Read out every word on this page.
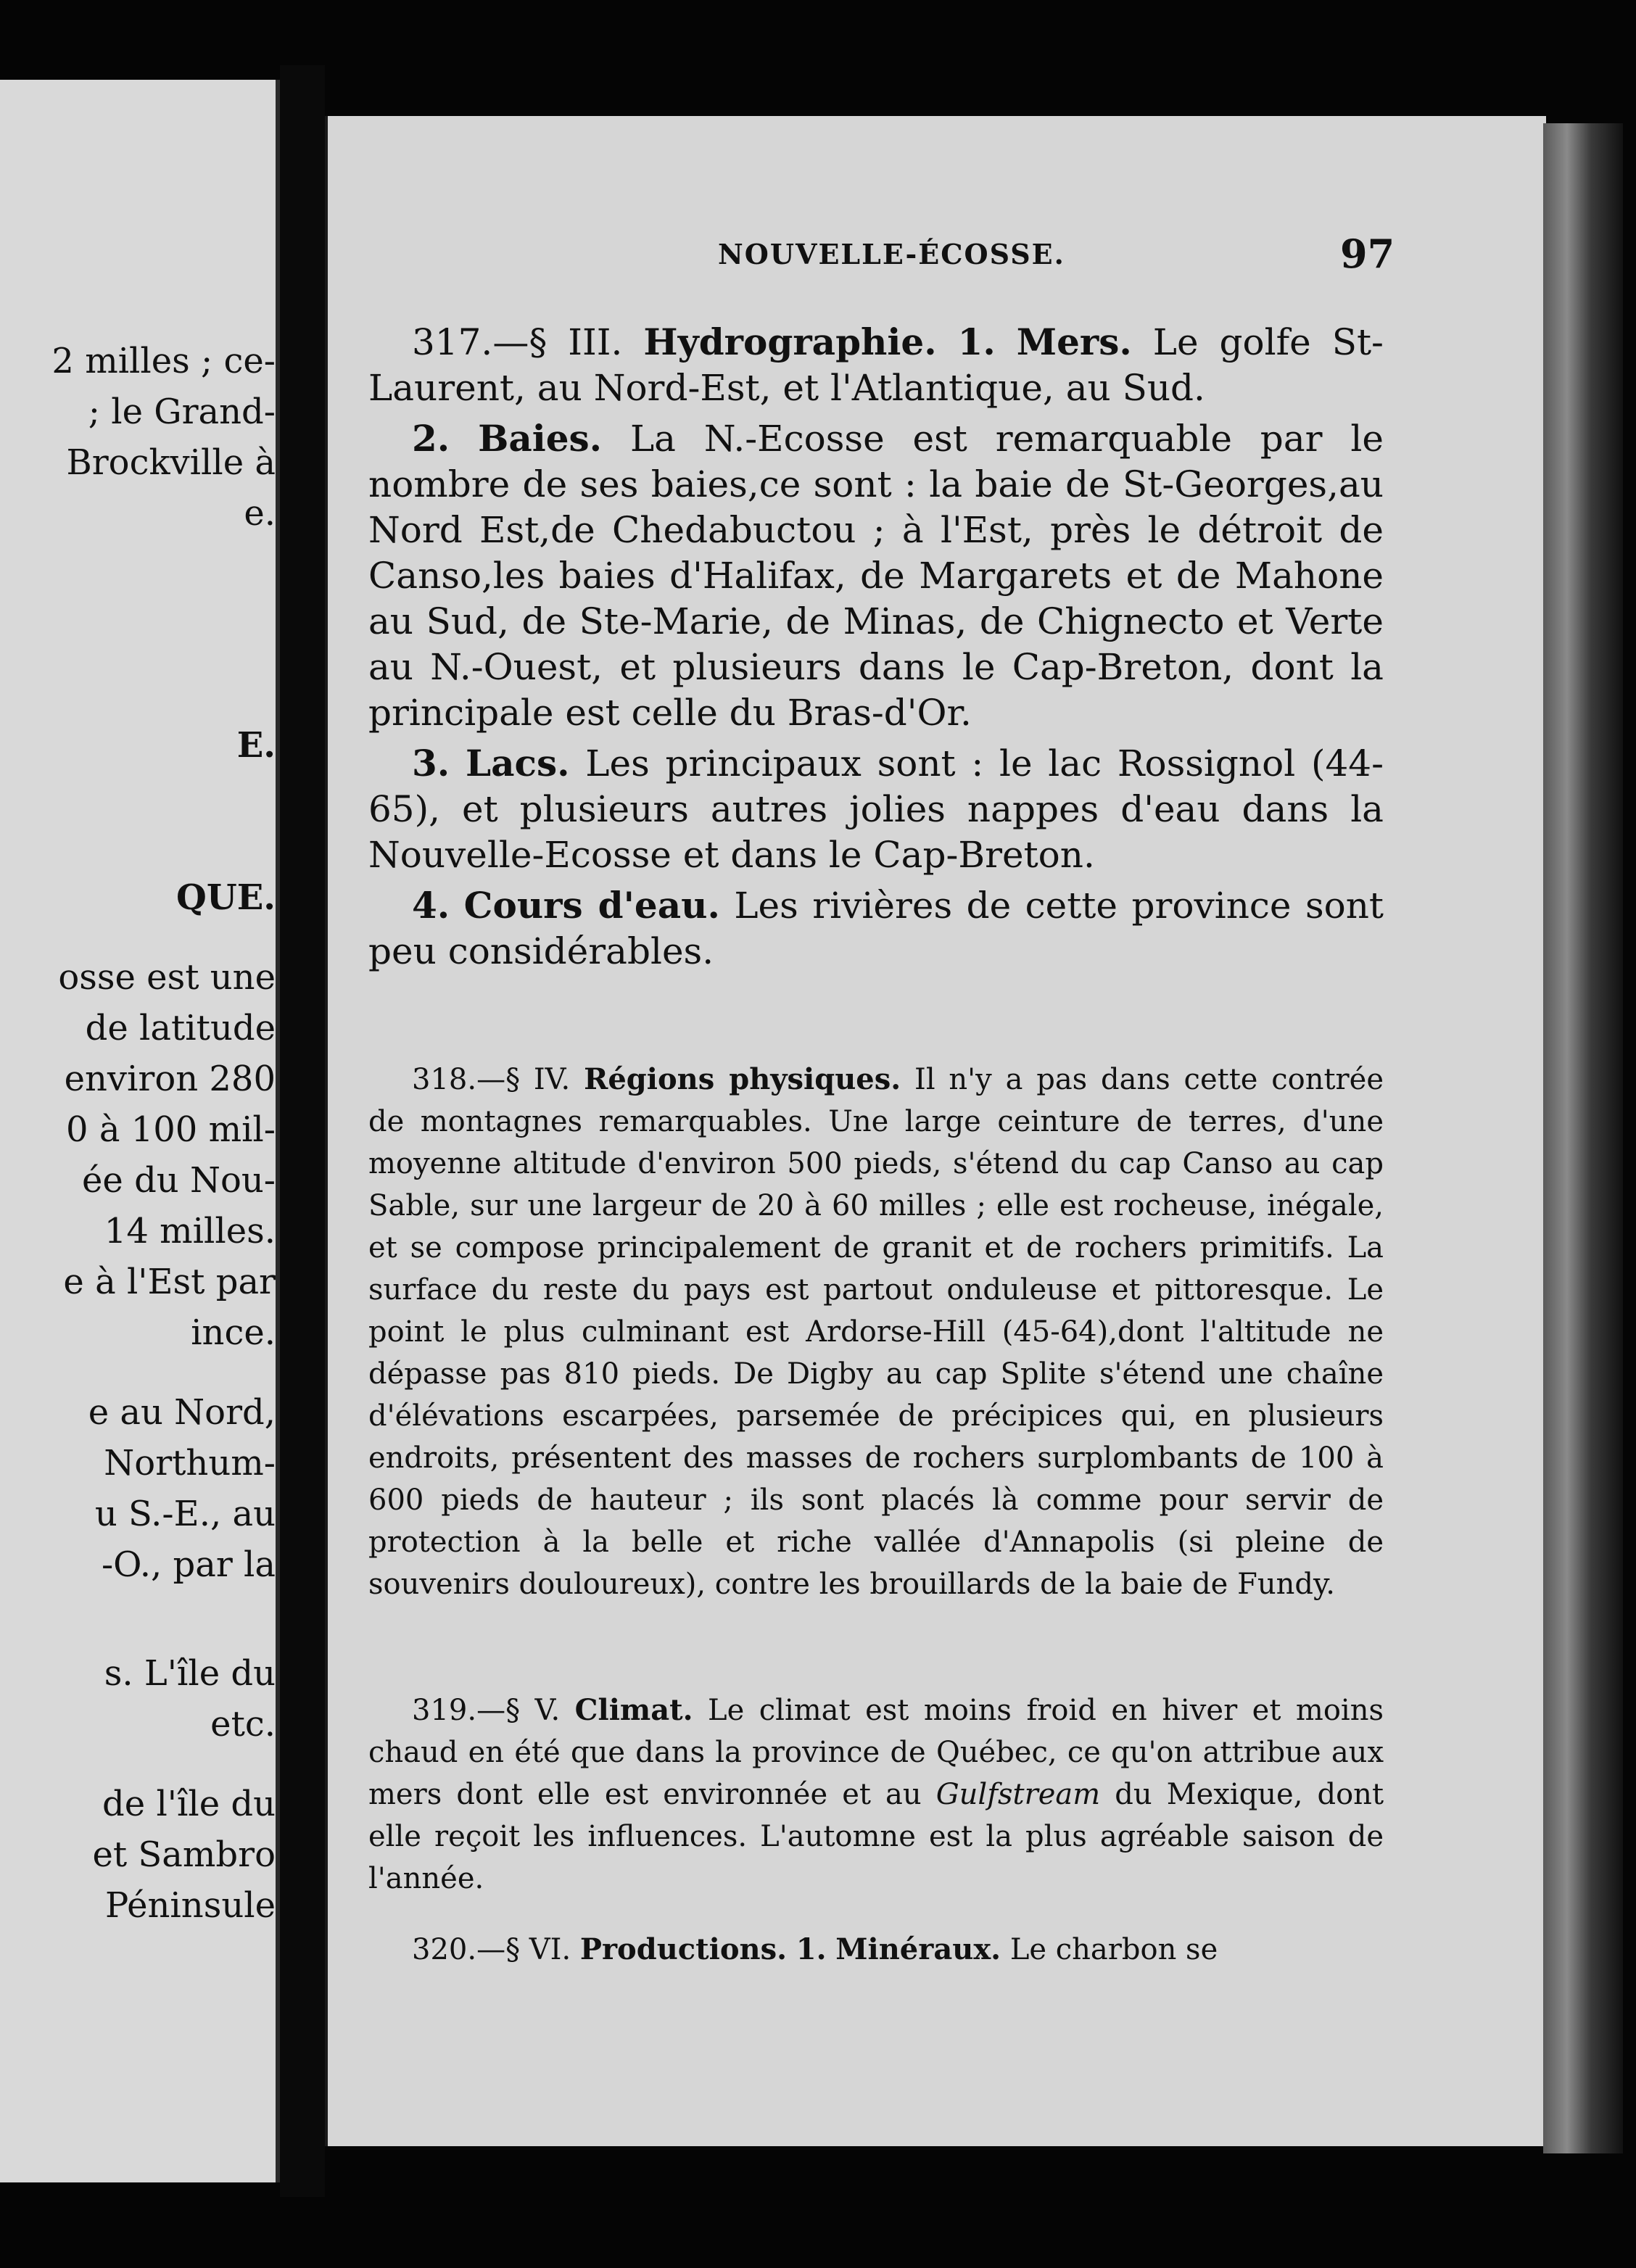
2 milles ; ce-
; le Grand-
Brockville à
e.
E.
QUE.
osse est une
de latitude
environ 280
0 à 100 mil-
ée du Nou-
14 milles.
e à l'Est par
ince.
e au Nord,
Northum-
u S.-E., au
-O., par la
s. L'île du
etc.
de l'île du
et Sambro
Péninsule
NOUVELLE-ÉCOSSE.	97

317.—§ III. Hydrographie. 1. Mers. Le golfe St-Laurent, au Nord-Est, et l'Atlantique, au Sud.

2. Baies. La N.-Ecosse est remarquable par le nombre de ses baies,ce sont : la baie de St-Georges,au Nord Est,de Chedabuctou ; à l'Est, près le détroit de Canso,les baies d'Halifax, de Margarets et de Mahone au Sud, de Ste-Marie, de Minas, de Chignecto et Verte au N.-Ouest, et plusieurs dans le Cap-Breton, dont la principale est celle du Bras-d'Or.

3. Lacs. Les principaux sont : le lac Rossignol (44-65), et plusieurs autres jolies nappes d'eau dans la Nouvelle-Ecosse et dans le Cap-Breton.

4. Cours d'eau. Les rivières de cette province sont peu considérables.

318.—§ IV. Régions physiques. Il n'y a pas dans cette contrée de montagnes remarquables. Une large ceinture de terres, d'une moyenne altitude d'environ 500 pieds, s'étend du cap Canso au cap Sable, sur une largeur de 20 à 60 milles ; elle est rocheuse, inégale, et se compose principalement de granit et de rochers primitifs. La surface du reste du pays est partout onduleuse et pittoresque. Le point le plus culminant est Ardorse-Hill (45-64),dont l'altitude ne dépasse pas 810 pieds. De Digby au cap Splite s'étend une chaîne d'élévations escarpées, parsemée de précipices qui, en plusieurs endroits, présentent des masses de rochers surplombants de 100 à 600 pieds de hauteur ; ils sont placés là comme pour servir de protection à la belle et riche vallée d'Annapolis (si pleine de souvenirs douloureux), contre les brouillards de la baie de Fundy.

319.—§ V. Climat. Le climat est moins froid en hiver et moins chaud en été que dans la province de Québec, ce qu'on attribue aux mers dont elle est environnée et au Gulfstream du Mexique, dont elle reçoit les influences. L'automne est la plus agréable saison de l'année.

320.—§ VI. Productions. 1. Minéraux. Le charbon se
